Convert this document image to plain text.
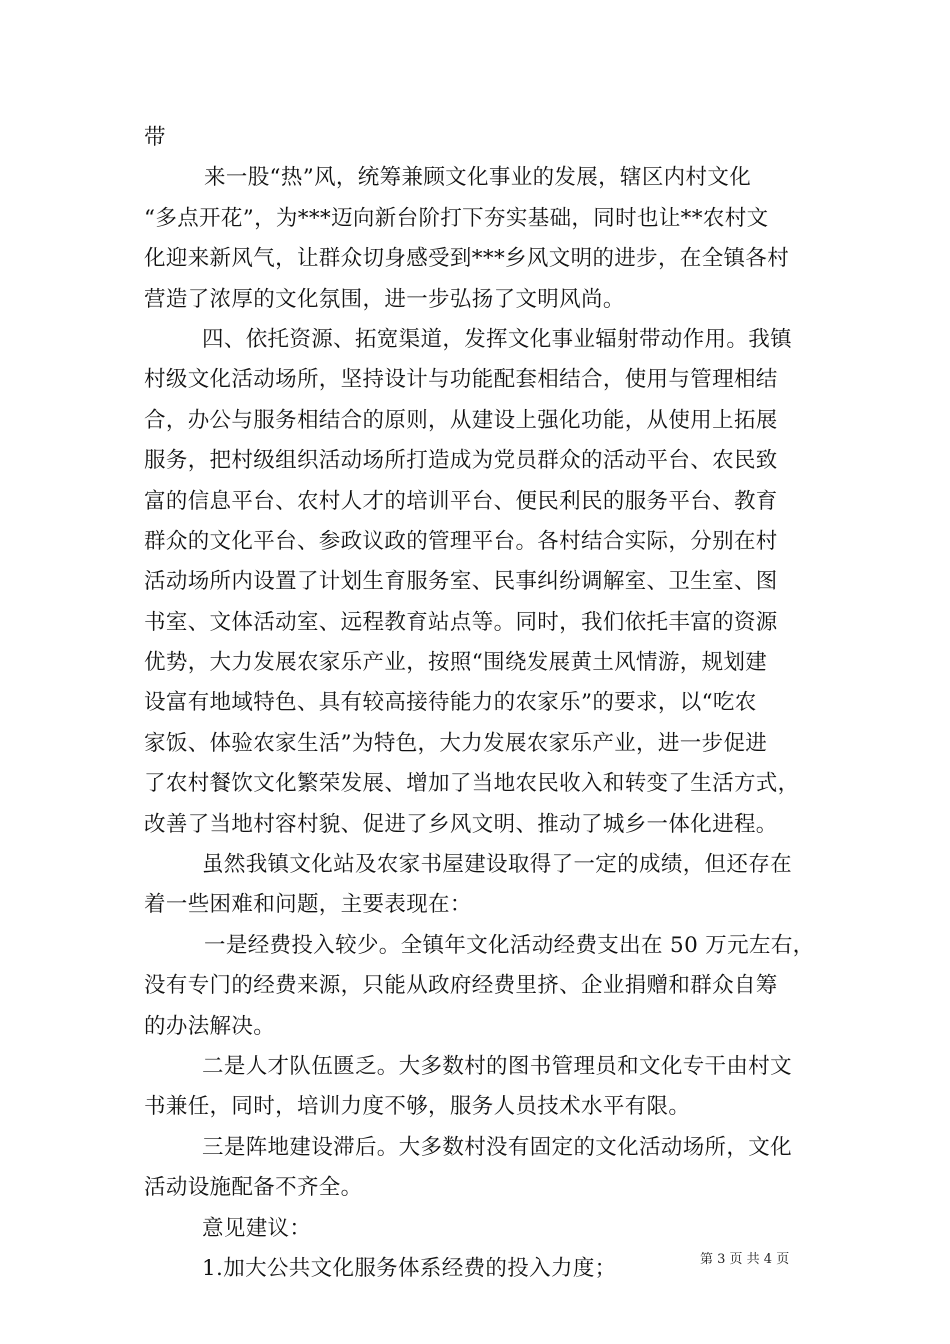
带
来一股“热”风，统筹兼顾文化事业的发展，辖区内村文化
“多点开花”，为***迈向新台阶打下夯实基础，同时也让**农村文
化迎来新风气，让群众切身感受到***乡风文明的进步，在全镇各村
营造了浓厚的文化氛围，进一步弘扬了文明风尚。
四、依托资源、拓宽渠道，发挥文化事业辐射带动作用。我镇
村级文化活动场所，坚持设计与功能配套相结合，使用与管理相结
合，办公与服务相结合的原则，从建设上强化功能，从使用上拓展
服务，把村级组织活动场所打造成为党员群众的活动平台、农民致
富的信息平台、农村人才的培训平台、便民利民的服务平台、教育
群众的文化平台、参政议政的管理平台。各村结合实际，分别在村
活动场所内设置了计划生育服务室、民事纠纷调解室、卫生室、图
书室、文体活动室、远程教育站点等。同时，我们依托丰富的资源
优势，大力发展农家乐产业，按照“围绕发展黄土风情游，规划建
设富有地域特色、具有较高接待能力的农家乐”的要求，以“吃农
家饭、体验农家生活”为特色，大力发展农家乐产业，进一步促进
了农村餐饮文化繁荣发展、增加了当地农民收入和转变了生活方式，
改善了当地村容村貌、促进了乡风文明、推动了城乡一体化进程。
虽然我镇文化站及农家书屋建设取得了一定的成绩，但还存在
着一些困难和问题，主要表现在：
一是经费投入较少。全镇年文化活动经费支出在 50 万元左右，
没有专门的经费来源，只能从政府经费里挤、企业捐赠和群众自筹
的办法解决。
二是人才队伍匮乏。大多数村的图书管理员和文化专干由村文
书兼任，同时，培训力度不够，服务人员技术水平有限。
三是阵地建设滞后。大多数村没有固定的文化活动场所，文化
活动设施配备不齐全。
意见建议：
1.加大公共文化服务体系经费的投入力度；	第 3 页 共 4 页
